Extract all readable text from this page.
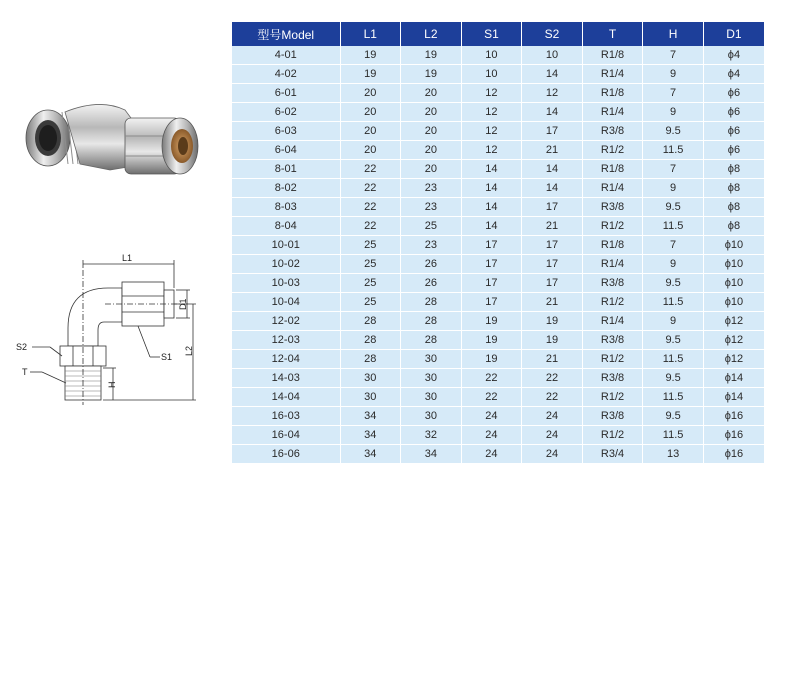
L1
D1
L2
H
S2
T
S1
型号Model	L1	L2	S1	S2	T	H	D1
4-01	19	19	10	10	R1/8	7	ϕ4
4-02	19	19	10	14	R1/4	9	ϕ4
6-01	20	20	12	12	R1/8	7	ϕ6
6-02	20	20	12	14	R1/4	9	ϕ6
6-03	20	20	12	17	R3/8	9.5	ϕ6
6-04	20	20	12	21	R1/2	11.5	ϕ6
8-01	22	20	14	14	R1/8	7	ϕ8
8-02	22	23	14	14	R1/4	9	ϕ8
8-03	22	23	14	17	R3/8	9.5	ϕ8
8-04	22	25	14	21	R1/2	11.5	ϕ8
10-01	25	23	17	17	R1/8	7	ϕ10
10-02	25	26	17	17	R1/4	9	ϕ10
10-03	25	26	17	17	R3/8	9.5	ϕ10
10-04	25	28	17	21	R1/2	11.5	ϕ10
12-02	28	28	19	19	R1/4	9	ϕ12
12-03	28	28	19	19	R3/8	9.5	ϕ12
12-04	28	30	19	21	R1/2	11.5	ϕ12
14-03	30	30	22	22	R3/8	9.5	ϕ14
14-04	30	30	22	22	R1/2	11.5	ϕ14
16-03	34	30	24	24	R3/8	9.5	ϕ16
16-04	34	32	24	24	R1/2	11.5	ϕ16
16-06	34	34	24	24	R3/4	13	ϕ16
